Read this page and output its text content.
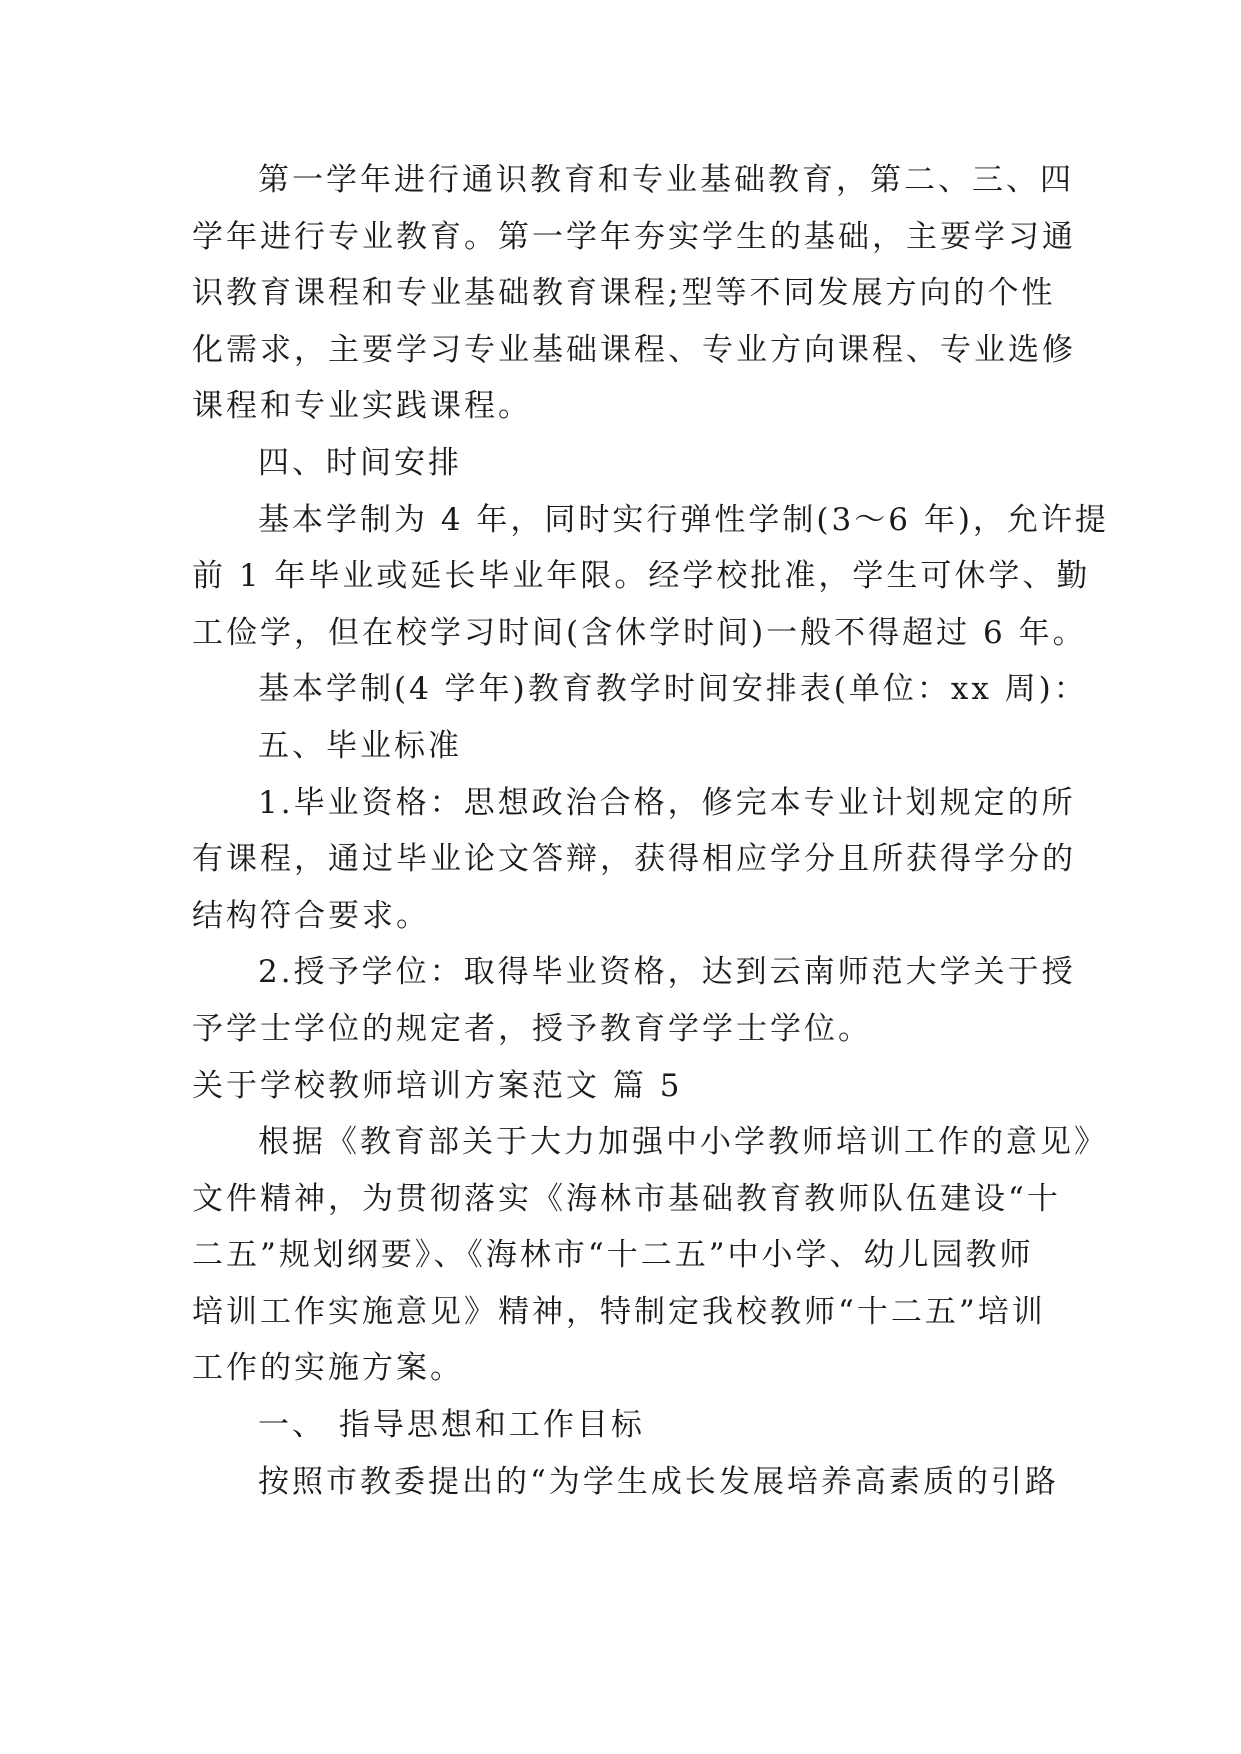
第一学年进行通识教育和专业基础教育，第二、三、四
学年进行专业教育。第一学年夯实学生的基础，主要学习通
识教育课程和专业基础教育课程;型等不同发展方向的个性
化需求，主要学习专业基础课程、专业方向课程、专业选修
课程和专业实践课程。
四、时间安排
基本学制为 4 年，同时实行弹性学制(3～6 年)，允许提
前 1 年毕业或延长毕业年限。经学校批准，学生可休学、勤
工俭学，但在校学习时间(含休学时间)一般不得超过 6 年。
基本学制(4 学年)教育教学时间安排表(单位：xx 周)：
五、毕业标准
1.毕业资格：思想政治合格，修完本专业计划规定的所
有课程，通过毕业论文答辩，获得相应学分且所获得学分的
结构符合要求。
2.授予学位：取得毕业资格，达到云南师范大学关于授
予学士学位的规定者，授予教育学学士学位。
关于学校教师培训方案范文 篇 5
根据《教育部关于大力加强中小学教师培训工作的意见》
文件精神，为贯彻落实《海林市基础教育教师队伍建设“十
二五”规划纲要》、《海林市“十二五”中小学、幼儿园教师
培训工作实施意见》精神，特制定我校教师“十二五”培训
工作的实施方案。
一、 指导思想和工作目标
按照市教委提出的“为学生成长发展培养高素质的引路
